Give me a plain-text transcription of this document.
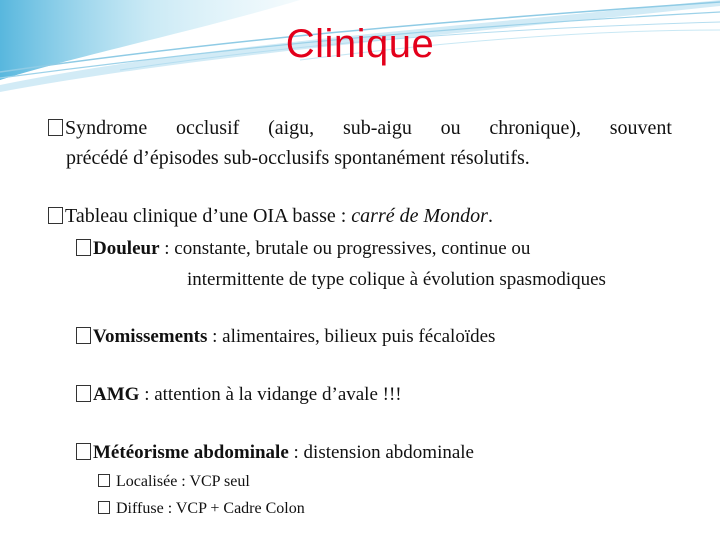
Clinique
Syndrome occlusif (aigu, sub-aigu ou chronique), souvent
précédé d’épisodes sub-occlusifs spontanément résolutifs.
Tableau clinique d’une OIA basse : carré de Mondor.
Douleur : constante, brutale ou progressives, continue ou
intermittente de type colique à évolution spasmodiques
Vomissements : alimentaires, bilieux puis fécaloïdes
AMG : attention à la vidange d’avale !!!
Météorisme abdominale : distension abdominale
Localisée : VCP seul
Diffuse : VCP + Cadre Colon
